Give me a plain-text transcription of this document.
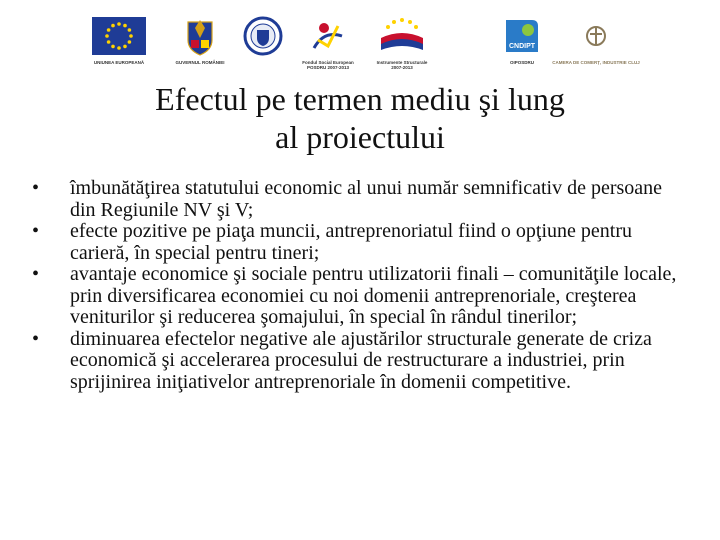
UNIUNEA EUROPEANĂ	GUVERNUL ROMÂNIEI	Fondul Social European
POSDRU 2007-2013
Instrumente Structurale
2007-2013
CNDIPT
OIPOSDRU	CAMERA DE COMERȚ, INDUSTRIE CLUJ
Efectul pe termen mediu şi lung
al proiectului
• îmbunătăţirea statutului economic al unui număr semnificativ de persoane din Regiunile NV şi V;
• efecte pozitive pe piaţa muncii, antreprenoriatul fiind o opţiune pentru carieră, în special pentru tineri;
• avantaje economice şi sociale pentru utilizatorii finali – comunităţile locale, prin diversificarea economiei cu noi domenii antreprenoriale, creşterea veniturilor şi reducerea şomajului, în special în rândul tinerilor;
• diminuarea efectelor negative ale ajustărilor structurale generate de criza economică şi accelerarea procesului de restructurare a industriei, prin sprijinirea iniţiativelor antreprenoriale în domenii competitive.
